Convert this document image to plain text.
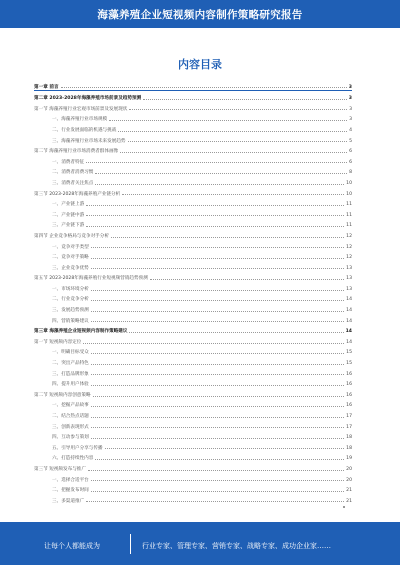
海藻养殖企业短视频内容制作策略研究报告
内容目录
第一章 前言	3
第二章 2023-2028年海藻养殖市场前景及趋势预测	3
第一节 海藻养殖行业宏观市场前景及发展现状	3
一、海藻养殖行业市场规模	3
二、行业发展面临的机遇与挑战	4
三、海藻养殖行业市场未来发展趋势	5
第二节 海藻养殖行业市场消费者群体画像	6
一、消费者特征	6
二、消费者消费习惯	8
三、消费者关注焦点	10
第三节 2023-2028年海藻养殖产业链分析	10
一、产业链上游	11
二、产业链中游	11
三、产业链下游	11
第四节 企业竞争格局与竞争对手分析	12
一、竞争对手类型	12
二、竞争对手策略	12
三、企业竞争优势	13
第五节 2023-2028年海藻养殖行业短视频营销趋势预测	13
一、市场环境分析	13
二、行业竞争分析	14
三、发展趋势预测	14
四、营销策略建议	14
第三章 海藻养殖企业短视频内容制作策略建议	14
第一节 短视频内容定位	14
一、明确目标受众	15
二、突出产品特色	15
三、打造品牌形象	16
四、提升用户体验	16
第二节 短视频内容创意策略	16
一、挖掘产品故事	16
二、结合热点话题	17
三、创新表现形式	17
四、互动参与策划	18
五、引导用户分享与传播	18
六、打造持续性内容	19
第三节 短视频发布与推广	20
一、选择合适平台	20
二、把握发布时间	21
三、多渠道推广	21
让每个人都能成为	行业专家、管理专家、营销专家、战略专家、成功企业家……
